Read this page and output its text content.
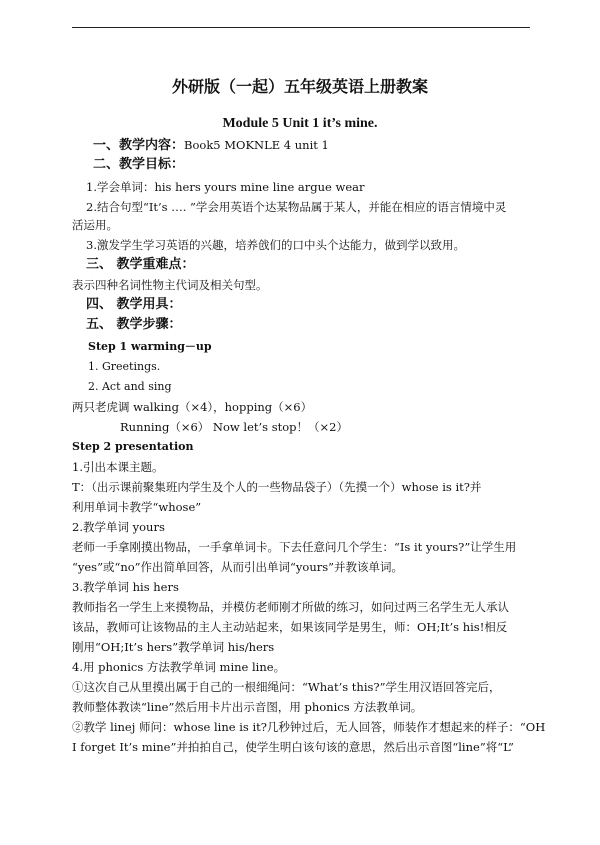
外研版（一起）五年级英语上册教案
Module 5 Unit 1 it’s mine.
一、教学内容：Book5 MOKNLE 4 unit 1
二、教学目标：
1.学会单词：his hers yours mine line argue wear
2.结合句型“It’s …. ”学会用英语个达某物品属于某人，并能在相应的语言情境中灵
活运用。
3.激发学生学习英语的兴趣，培养戗们的口中头个达能力，做到学以致用。
三、 教学重难点：
表示四种名词性物主代词及相关句型。
四、 教学用具：
五、 教学步骤：
Step 1 warming－up
1. Greetings.
2. Act and sing
两只老虎调 walking（×4），hopping（×6）
Running（×6） Now let’s stop！（×2）
Step 2 presentation
1.引出本课主题。
T：（出示课前聚集班内学生及个人的一些物品袋子）（先摸一个）whose is it?并
利用单词卡教学“whose”
2.教学单词 yours
老师一手拿刚摸出物品，一手拿单词卡。下去任意问几个学生：“Is it yours?”让学生用
“yes”或“no”作出简单回答，从而引出单词“yours”并教该单词。
3.教学单词 his hers
教师指名一学生上来摸物品，并模仿老师刚才所做的练习，如问过两三名学生无人承认
该品，教师可让该物品的主人主动站起来，如果该同学是男生，师：OH;It’s his!相反
刚用“OH;It’s hers”教学单词 his/hers
4.用 phonics 方法教学单词 mine line。
①这次自己从里摸出属于自己的一根细绳问：“What’s this?”学生用汉语回答完后，
教师整体教读“line”然后用卡片出示音图，用 phonics 方法教单词。
②教学 linej 师问：whose line is it?几秒钟过后，无人回答，师装作才想起来的样子：“OH
I forget It’s mine”并拍拍自己，使学生明白该句该的意思，然后出示音图“line”将“L”
